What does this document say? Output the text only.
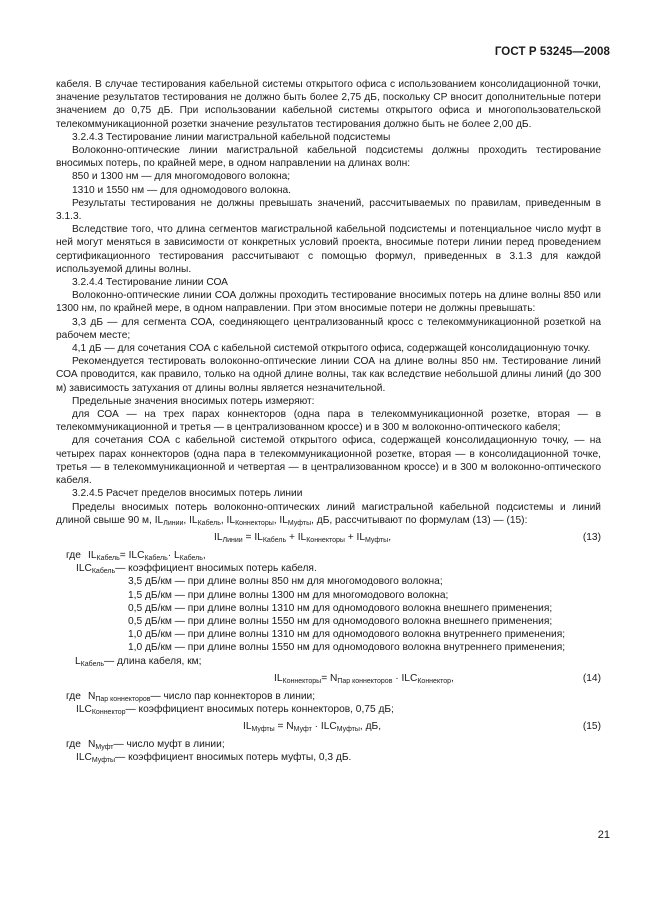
ГОСТ Р 53245—2008

кабеля. В случае тестирования кабельной системы открытого офиса с использованием консолидационной точки, значение результатов тестирования не должно быть более 2,75 дБ, поскольку СР вносит дополнительные потери значением до 0,75 дБ. При использовании кабельной системы открытого офиса и многопользовательской телекоммуникационной розетки значение результатов тестирования должно быть не более 2,00 дБ.

3.2.4.3 Тестирование линии магистральной кабельной подсистемы

Волоконно-оптические линии магистральной кабельной подсистемы должны проходить тестирование вносимых потерь, по крайней мере, в одном направлении на длинах волн:

850 и 1300 нм — для многомодового волокна;

1310 и 1550 нм — для одномодового волокна.

Результаты тестирования не должны превышать значений, рассчитываемых по правилам, приведенным в 3.1.3.

Вследствие того, что длина сегментов магистральной кабельной подсистемы и потенциальное число муфт в ней могут меняться в зависимости от конкретных условий проекта, вносимые потери линии перед проведением сертификационного тестирования рассчитывают с помощью формул, приведенных в 3.1.3 для каждой используемой длины волны.

3.2.4.4 Тестирование линии СОА

Волоконно-оптические линии СОА должны проходить тестирование вносимых потерь на длине волны 850 или 1300 нм, по крайней мере, в одном направлении. При этом вносимые потери не должны превышать:

3,3 дБ — для сегмента СОА, соединяющего централизованный кросс с телекоммуникационной розеткой на рабочем месте;

4,1 дБ — для сочетания СОА с кабельной системой открытого офиса, содержащей консолидационную точку.

Рекомендуется тестировать волоконно-оптические линии СОА на длине волны 850 нм. Тестирование линий СОА проводится, как правило, только на одной длине волны, так как вследствие небольшой длины линий (до 300 м) зависимость затухания от длины волны является незначительной.

Предельные значения вносимых потерь измеряют:

для СОА — на трех парах коннекторов (одна пара в телекоммуникационной розетке, вторая — в телекоммуникационной и третья — в централизованном кроссе) и в 300 м волоконно-оптического кабеля;

для сочетания СОА с кабельной системой открытого офиса, содержащей консолидационную точку, — на четырех парах коннекторов (одна пара в телекоммуникационной розетке, вторая — в консолидационной точке, третья — в телекоммуникационной и четвертая — в централизованном кроссе) и в 300 м волоконно-оптического кабеля.

3.2.4.5 Расчет пределов вносимых потерь линии

Пределы вносимых потерь волоконно-оптических линий магистральной кабельной подсистемы и линий длиной свыше 90 м, $IL_{Линии}$, $IL_{Кабель}$, $IL_{Коннекторы}$, $IL_{Муфты}$, дБ, рассчитывают по формулам (13) — (15):

$IL_{Линии} = IL_{Кабель} + IL_{Коннекторы} + IL_{Муфты}$,	(13)

где $IL_{Кабель}= ILC_{Кабель}\cdot L_{Кабель}$,

$ILC_{Кабель}—$ коэффициент вносимых потерь кабеля.

3,5 дБ/км — при длине волны 850 нм для многомодового волокна;

1,5 дБ/км — при длине волны 1300 нм для многомодового волокна;

0,5 дБ/км — при длине волны 1310 нм для одномодового волокна внешнего применения;

0,5 дБ/км — при длине волны 1550 нм для одномодового волокна внешнего применения;

1,0 дБ/км — при длине волны 1310 нм для одномодового волокна внутреннего применения;

1,0 дБ/км — при длине волны 1550 нм для одномодового волокна внутреннего применения;

$L_{Кабель}—$ длина кабеля, км;

$IL_{Коннекторы}= N_{Пар коннекторов} \cdot ILC_{Коннектор}$,	(14)

где $N_{Пар коннекторов}—$ число пар коннекторов в линии;

$ILC_{Коннектор}—$ коэффициент вносимых потерь коннекторов, 0,75 дБ;

$IL_{Муфты} = N_{Муфт} \cdot ILC_{Муфты}$, дБ,	(15)

где $N_{Муфт}—$ число муфт в линии;

$ILC_{Муфты}—$ коэффициент вносимых потерь муфты, 0,3 дБ.

21
